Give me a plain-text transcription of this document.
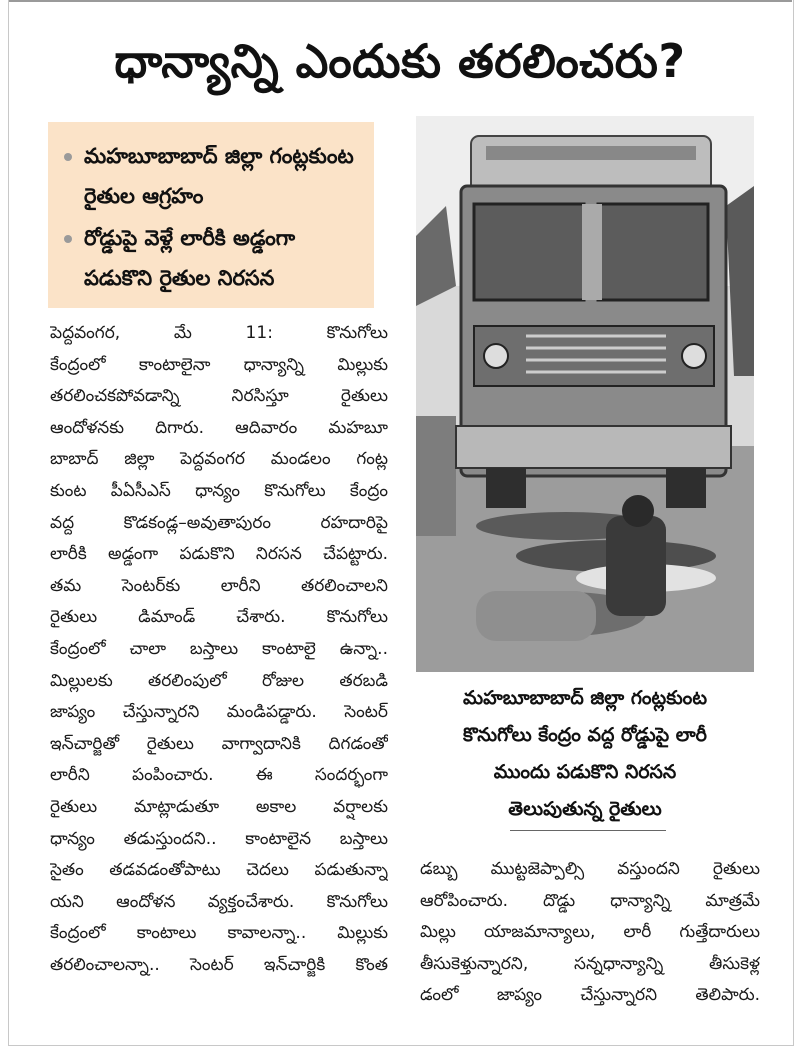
ధాన్యాన్ని ఎందుకు తరలించరు?
మహబూబాబాద్ జిల్లా గంట్లకుంట రైతుల ఆగ్రహం
రోడ్డుపై వెళ్లే లారీకి అడ్డంగా పడుకొని రైతుల నిరసన
పెద్దవంగర, మే 11: కొనుగోలు
కేంద్రంలో కాంటాలైనా ధాన్యాన్ని మిల్లుకు
తరలించకపోవడాన్ని నిరసిస్తూ రైతులు
ఆందోళనకు దిగారు. ఆదివారం మహబూ
బాబాద్ జిల్లా పెద్దవంగర మండలం గంట్ల
కుంట పీఏసీఎస్ ధాన్యం కొనుగోలు కేంద్రం
వద్ద కొడకండ్ల–అవుతాపురం రహదారిపై
లారీకి అడ్డంగా పడుకొని నిరసన చేపట్టారు.
తమ సెంటర్‌కు లారీని తరలించాలని
రైతులు డిమాండ్ చేశారు. కొనుగోలు
కేంద్రంలో చాలా బస్తాలు కాంటాలై ఉన్నా..
మిల్లులకు తరలింపులో రోజుల తరబడి
జాప్యం చేస్తున్నారని మండిపడ్డారు. సెంటర్
ఇన్‌చార్జితో రైతులు వాగ్వాదానికి దిగడంతో
లారీని పంపించారు. ఈ సందర్భంగా
రైతులు మాట్లాడుతూ అకాల వర్షాలకు
ధాన్యం తడుస్తుందని.. కాంటాలైన బస్తాలు
సైతం తడవడంతోపాటు చెదలు పడుతున్నా
యని ఆందోళన వ్యక్తంచేశారు. కొనుగోలు
కేంద్రంలో కాంటాలు కావాలన్నా.. మిల్లుకు
తరలించాలన్నా.. సెంటర్ ఇన్‌చార్జికి కొంత
మహబూబాబాద్ జిల్లా గంట్లకుంట
కొనుగోలు కేంద్రం వద్ద రోడ్డుపై లారీ
ముందు పడుకొని నిరసన
తెలుపుతున్న రైతులు
డబ్బు ముట్టజెప్పాల్సి వస్తుందని రైతులు
ఆరోపించారు. దొడ్డు ధాన్యాన్ని మాత్రమే
మిల్లు యాజమాన్యాలు, లారీ గుత్తేదారులు
తీసుకెళ్తున్నారని, సన్నధాన్యాన్ని తీసుకెళ్ల
డంలో జాప్యం చేస్తున్నారని తెలిపారు.
